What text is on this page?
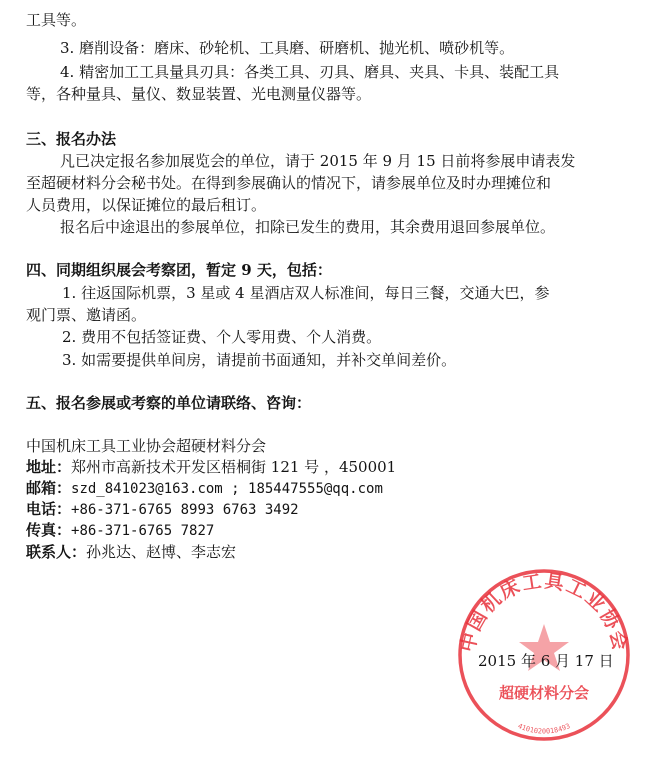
工具等。
3. 磨削设备：磨床、砂轮机、工具磨、研磨机、抛光机、喷砂机等。
4. 精密加工工具量具刃具：各类工具、刃具、磨具、夹具、卡具、装配工具
等，各种量具、量仪、数显装置、光电测量仪器等。
三、报名办法
凡已决定报名参加展览会的单位，请于 2015 年 9 月 15 日前将参展申请表发
至超硬材料分会秘书处。在得到参展确认的情况下，请参展单位及时办理摊位和
人员费用，以保证摊位的最后租订。
报名后中途退出的参展单位，扣除已发生的费用，其余费用退回参展单位。
四、同期组织展会考察团，暂定 9 天，包括：
1. 往返国际机票，3 星或 4 星酒店双人标准间，每日三餐，交通大巴，参
观门票、邀请函。
2. 费用不包括签证费、个人零用费、个人消费。
3. 如需要提供单间房，请提前书面通知，并补交单间差价。
五、报名参展或考察的单位请联络、咨询：
中国机床工具工业协会超硬材料分会
地址：郑州市高新技术开发区梧桐街 121 号 ，450001
邮箱：szd_841023@163.com ; 185447555@qq.com
电话：+86-371-6765 8993 6763 3492
传真：+86-371-6765 7827
联系人：孙兆达、赵博、李志宏
中国机床工具工业协会
超硬材料分会
4101020018493
2015 年 6 月 17 日
